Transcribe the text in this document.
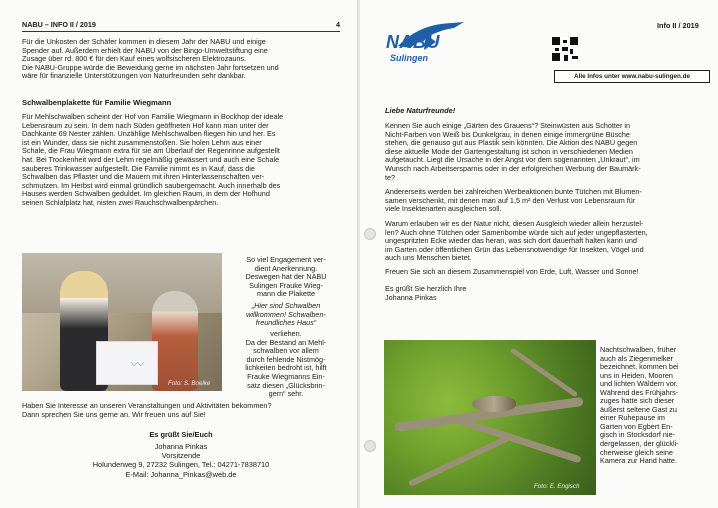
NABU – INFO II / 2019	4

Für die Unkosten der Schäfer kommen in diesem Jahr der NABU und einige

Spender auf. Außerdem erhielt der NABU von der Bingo-Umweltstiftung eine

Zusage über rd. 800 € für den Kauf eines wolfsischeren Elektrozauns.

Die NABU-Gruppe würde die Beweidung gerne im nächsten Jahr fortsetzen und

wäre für finanzielle Unterstützungen von Naturfreunden sehr dankbar.

Schwalbenplakette für Familie Wiegmann

Für Mehlschwalben scheint der Hof von Familie Wiegmann in Bockhop der ideale

Lebensraum zu sein. In dem nach Süden geöffneten Hof kann man unter der

Dachkante 69 Nester zählen. Unzählige Mehlschwalben fliegen hin und her. Es

ist ein Wunder, dass sie nicht zusammenstoßen. Sie holen Lehm aus einer

Schale, die Frau Wiegmann extra für sie am Überlauf der Regenrinne aufgestellt

hat. Bei Trockenheit wird der Lehm regelmäßig gewässert und auch eine Schale

sauberes Trinkwasser aufgestellt. Die Familie nimmt es in Kauf, dass die

Schwalben das Pflaster und die Mauern mit ihren Hinterlassenschaften ver-

schmutzen. Im Herbst wird einmal gründlich saubergemacht. Auch innerhalb des

Hauses werden Schwalben geduldet. Im gleichen Raum, in dem der Hofhund

seinen Schlafplatz hat, nisten zwei Rauchschwalbenpärchen.

〰
Foto: S. Boelke

So viel Engagement ver-

dient Anerkennung.

Deswegen hat der NABU

Sulingen Frauke Wieg-

mann die Plakette

„Hier sind Schwalben

willkommen! Schwalben-

freundliches Haus“

verliehen.

Da der Bestand an Mehl-

schwalben vor allem

durch fehlende Nistmög-

lichkeiten bedroht ist, hilft

Frauke Wiegmanns Ein-

satz diesen „Glücksbrin-

gern“ sehr.

Haben Sie Interesse an unseren Veranstaltungen und Aktivitäten bekommen?

Dann sprechen Sie uns gerne an. Wir freuen uns auf Sie!

Es grüßt Sie/Euch

Johanna Pinkas

Vorsitzende

Holunderweg 9, 27232 Sulingen, Tel.: 04271-7838710

E-Mail: Johanna_Pinkas@web.de

NABU
Sulingen
Info II / 2019
Alle Infos unter www.nabu-sulingen.de
Liebe Naturfreunde!

Kennen Sie auch einige „Gärten des Grauens“? Steinwüsten aus Schotter in

Nicht-Farben von Weiß bis Dunkelgrau, in denen einige immergrüne Büsche

stehen, die genauso gut aus Plastik sein könnten. Die Aktion des NABU gegen

diese aktuelle Mode der Gartengestaltung ist schon in verschiedenen Medien

aufgetaucht. Liegt die Ursache in der Angst vor dem sogenannten „Unkraut“, im

Wunsch nach Arbeitsersparnis oder in der erfolgreichen Werbung der Baumärk-

te?

Andererseits werden bei zahlreichen Werbeaktionen bunte Tütchen mit Blumen-

samen verschenkt, mit denen man auf 1,5 m² den Verlust von Lebensraum für

viele Insektenarten ausgleichen soll.

Warum erlauben wir es der Natur nicht, diesen Ausgleich wieder allein herzustel-

len? Auch ohne Tütchen oder Samenbombe würde sich auf jeder ungepflasterten,

ungespritzten Ecke wieder das heran, was sich dort dauerhaft halten kann und

im Garten oder öffentlichen Grün das Lebensnotwendige für Insekten, Vögel und

auch uns Menschen bietet.

Freuen Sie sich an diesem Zusammenspiel von Erde, Luft, Wasser und Sonne!

Es grüßt Sie herzlich Ihre

Johanna Pinkas

Foto: E. Engisch

Nachtschwalben, früher

auch als Ziegenmelker

bezeichnet, kommen bei

uns in Heiden, Mooren

und lichten Wäldern vor.

Während des Frühjahrs-

zuges hatte sich dieser

äußerst seltene Gast zu

einer Ruhepause im

Garten von Egbert En-

gisch in Stocksdorf nie-

dergelassen, der glückli-

cherweise gleich seine

Kamera zur Hand hatte.
